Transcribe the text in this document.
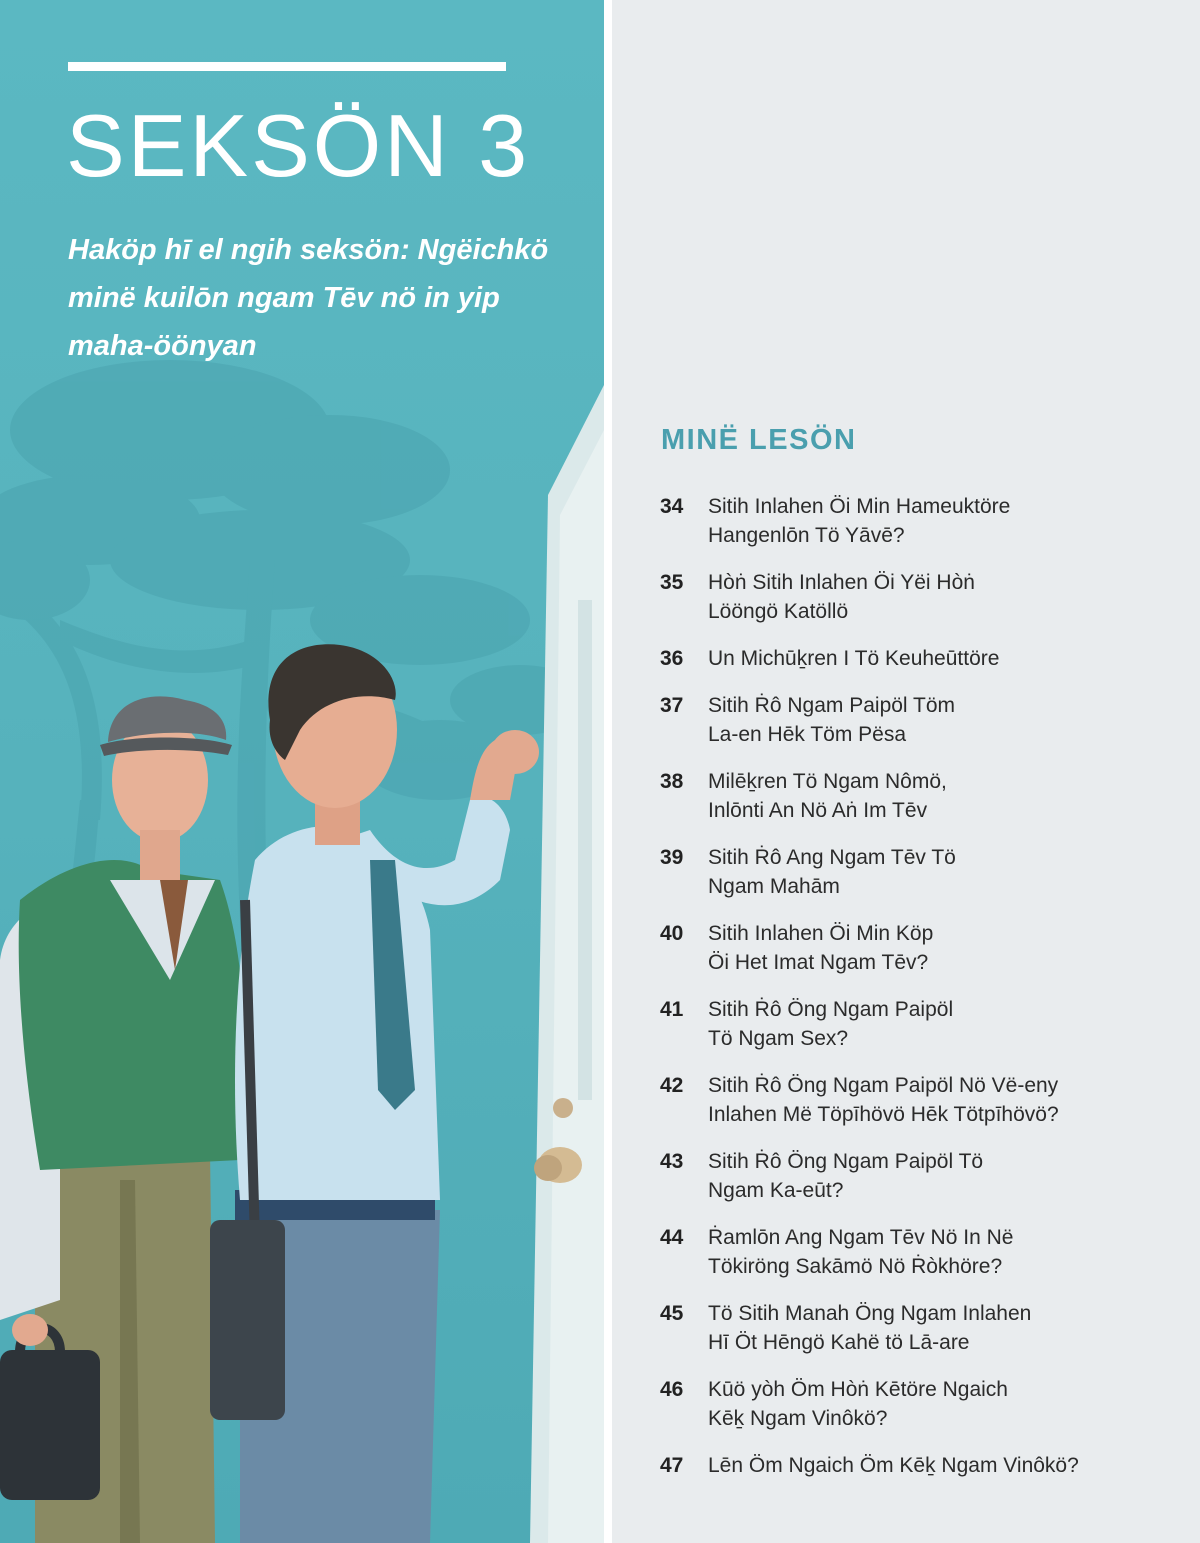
SEKSÖN 3

Haköp hī el ngih seksön: Ngëichkö minë kuilōn ngam Tēv nö in yip maha-öönyan

MINË LESÖN
34	Sitih Inlahen Öi Min Hameuktöre
Hangenlōn Tö Yāvē?
35	Hòṅ Sitih Inlahen Öi Yëi Hòṅ
Lööngö Katöllö
36	Un Michūḵren I Tö Keuheūttöre
37	Sitih Ṙô Ngam Paipöl Töm
La-en Hēk Töm Pësa
38	Milēḵren Tö Ngam Nômö,
Inlōnti An Nö Aṅ Im Tēv
39	Sitih Ṙô Ang Ngam Tēv Tö
Ngam Mahām
40	Sitih Inlahen Öi Min Köp
Öi Het Imat Ngam Tēv?
41	Sitih Ṙô Öng Ngam Paipöl
Tö Ngam Sex?
42	Sitih Ṙô Öng Ngam Paipöl Nö Vë-eny
Inlahen Më Töpīhövö Hēk Tötpīhövö?
43	Sitih Ṙô Öng Ngam Paipöl Tö
Ngam Ka-eūt?
44	Ṙamlōn Ang Ngam Tēv Nö In Në
Tökiröng Sakāmö Nö Ṙòkhöre?
45	Tö Sitih Manah Öng Ngam Inlahen
Hī Öt Hēngö Kahë tö Lā-are
46	Kūö yòh Öm Hòṅ Kētöre Ngaich
Kēḵ Ngam Vinôkö?
47	Lēn Öm Ngaich Öm Kēḵ Ngam Vinôkö?
